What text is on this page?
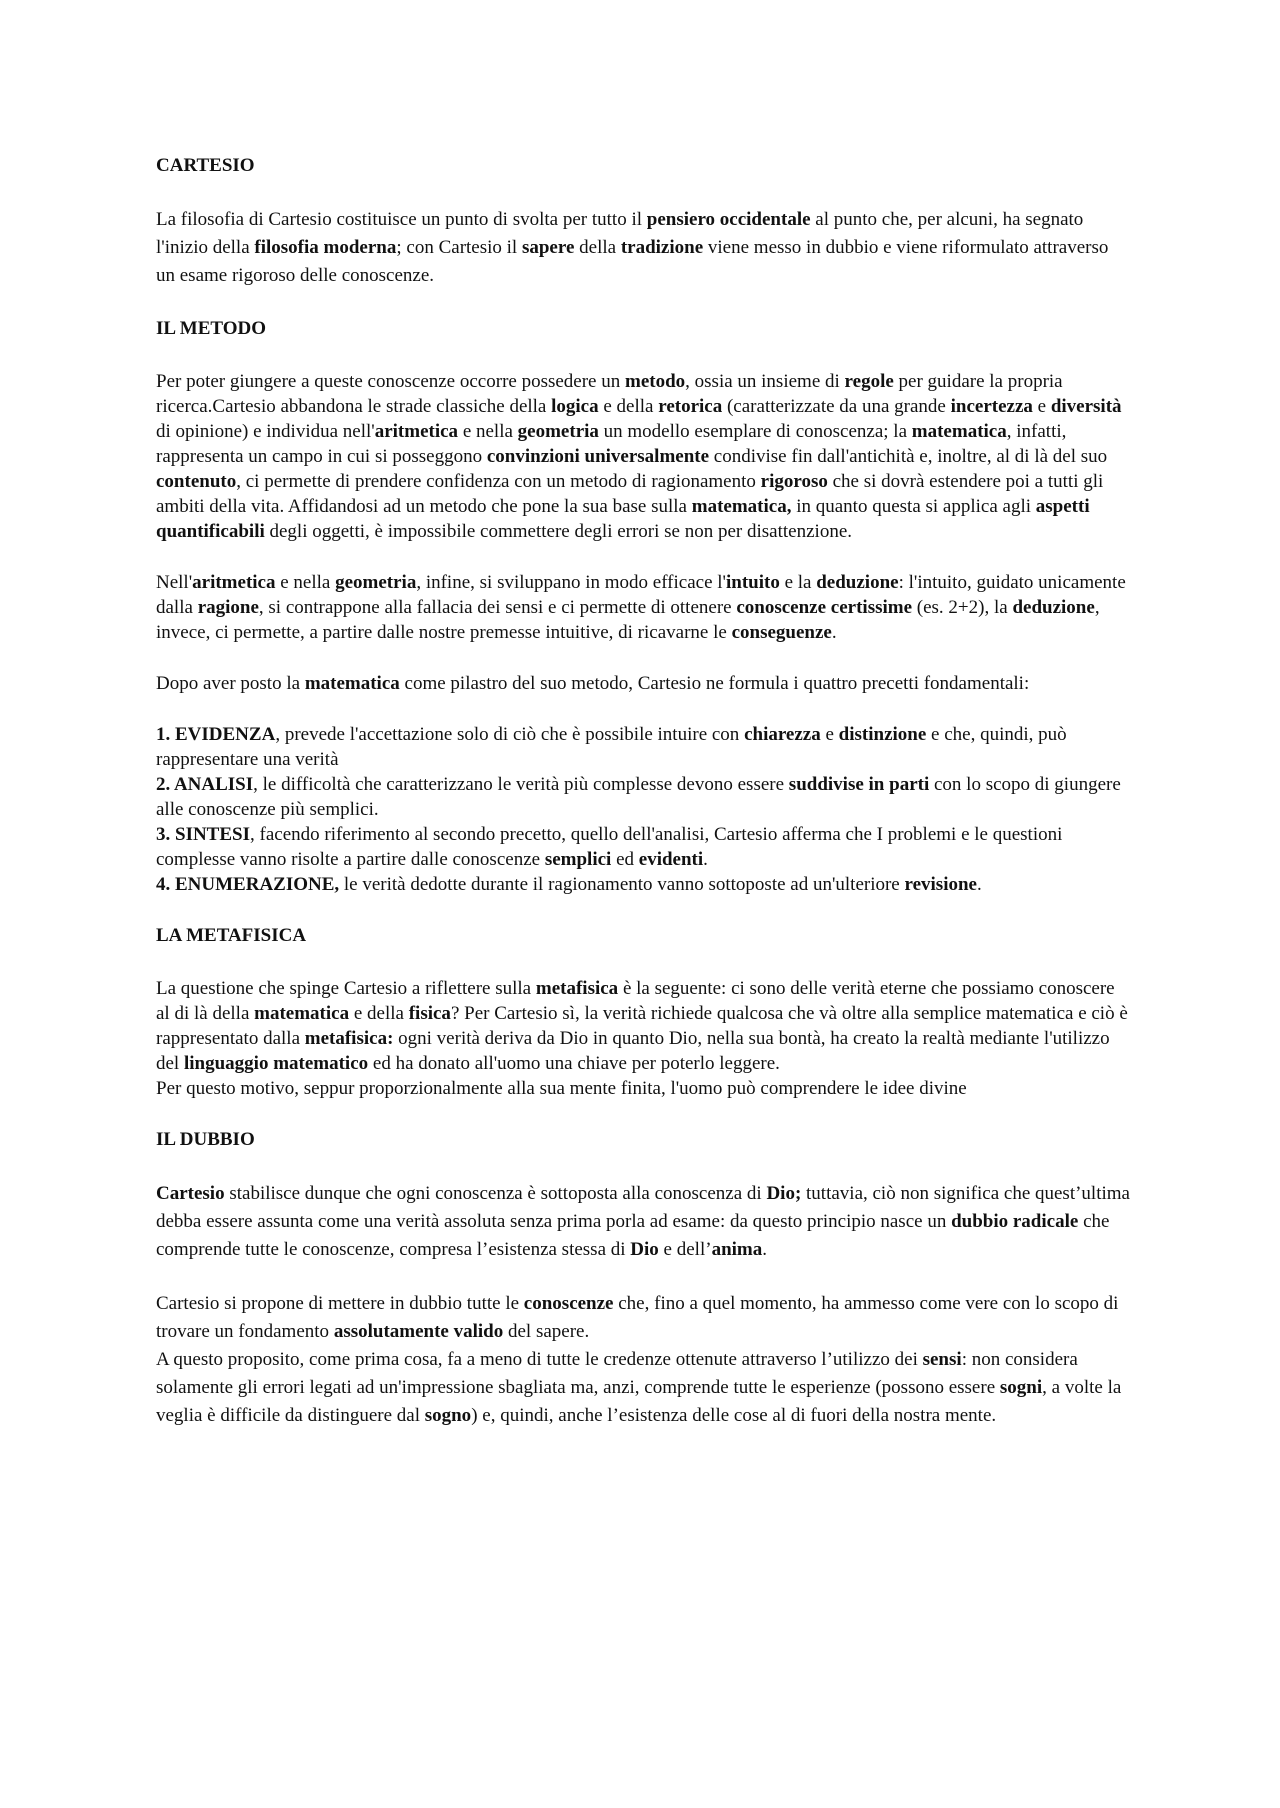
CARTESIO

La filosofia di Cartesio costituisce un punto di svolta per tutto il pensiero occidentale al punto che, per alcuni, ha segnato l'inizio della filosofia moderna; con Cartesio il sapere della tradizione viene messo in dubbio e viene riformulato attraverso un esame rigoroso delle conoscenze.

IL METODO

Per poter giungere a queste conoscenze occorre possedere un metodo, ossia un insieme di regole per guidare la propria ricerca.Cartesio abbandona le strade classiche della logica e della retorica (caratterizzate da una grande incertezza e diversità di opinione) e individua nell'aritmetica e nella geometria un modello esemplare di conoscenza; la matematica, infatti, rappresenta un campo in cui si posseggono convinzioni universalmente condivise fin dall'antichità e, inoltre, al di là del suo contenuto, ci permette di prendere confidenza con un metodo di ragionamento rigoroso che si dovrà estendere poi a tutti gli ambiti della vita. Affidandosi ad un metodo che pone la sua base sulla matematica, in quanto questa si applica agli aspetti quantificabili degli oggetti, è impossibile commettere degli errori se non per disattenzione.

Nell'aritmetica e nella geometria, infine, si sviluppano in modo efficace l'intuito e la deduzione: l'intuito, guidato unicamente dalla ragione, si contrappone alla fallacia dei sensi e ci permette di ottenere conoscenze certissime (es. 2+2), la deduzione, invece, ci permette, a partire dalle nostre premesse intuitive, di ricavarne le conseguenze.

Dopo aver posto la matematica come pilastro del suo metodo, Cartesio ne formula i quattro precetti fondamentali:

1. EVIDENZA, prevede l'accettazione solo di ciò che è possibile intuire con chiarezza e distinzione e che, quindi, può rappresentare una verità
2. ANALISI, le difficoltà che caratterizzano le verità più complesse devono essere suddivise in parti con lo scopo di giungere alle conoscenze più semplici.
3. SINTESI, facendo riferimento al secondo precetto, quello dell'analisi, Cartesio afferma che I problemi e le questioni complesse vanno risolte a partire dalle conoscenze semplici ed evidenti.
4. ENUMERAZIONE, le verità dedotte durante il ragionamento vanno sottoposte ad un'ulteriore revisione.

LA METAFISICA

La questione che spinge Cartesio a riflettere sulla metafisica è la seguente: ci sono delle verità eterne che possiamo conoscere al di là della matematica e della fisica? Per Cartesio sì, la verità richiede qualcosa che và oltre alla semplice matematica e ciò è rappresentato dalla metafisica: ogni verità deriva da Dio in quanto Dio, nella sua bontà, ha creato la realtà mediante l'utilizzo del linguaggio matematico ed ha donato all'uomo una chiave per poterlo leggere.
Per questo motivo, seppur proporzionalmente alla sua mente finita, l'uomo può comprendere le idee divine

IL DUBBIO

Cartesio stabilisce dunque che ogni conoscenza è sottoposta alla conoscenza di Dio; tuttavia, ciò non significa che quest’ultima debba essere assunta come una verità assoluta senza prima porla ad esame: da questo principio nasce un dubbio radicale che comprende tutte le conoscenze, compresa l’esistenza stessa di Dio e dell’anima.

Cartesio si propone di mettere in dubbio tutte le conoscenze che, fino a quel momento, ha ammesso come vere con lo scopo di trovare un fondamento assolutamente valido del sapere.
A questo proposito, come prima cosa, fa a meno di tutte le credenze ottenute attraverso l’utilizzo dei sensi: non considera solamente gli errori legati ad un'impressione sbagliata ma, anzi, comprende tutte le esperienze (possono essere sogni, a volte la veglia è difficile da distinguere dal sogno) e, quindi, anche l’esistenza delle cose al di fuori della nostra mente.
